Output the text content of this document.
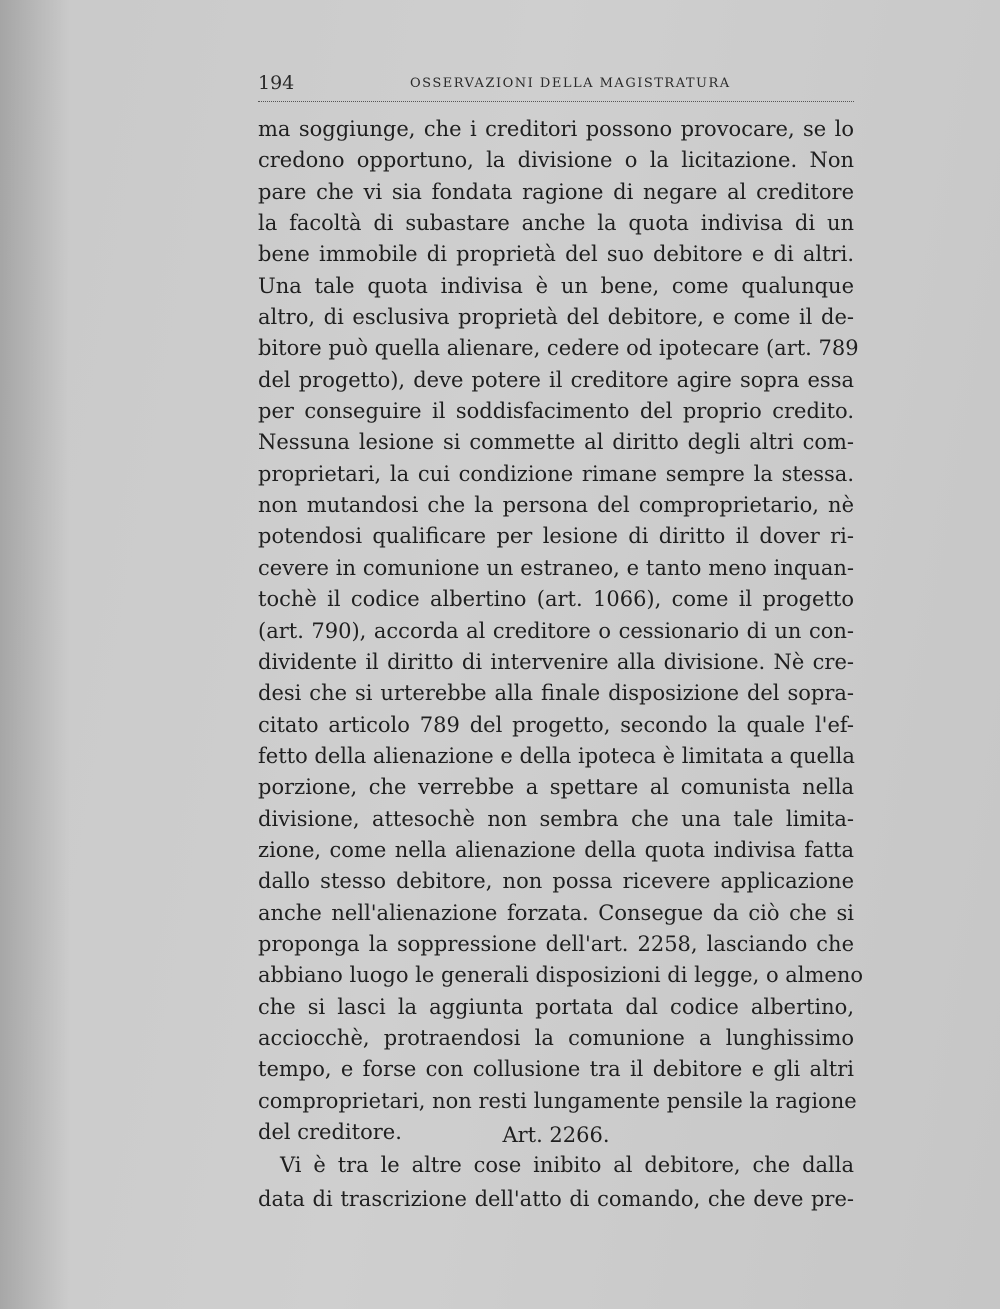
194	OSSERVAZIONI DELLA MAGISTRATURA
ma soggiunge, che i creditori possono provocare, se lo
credono opportuno, la divisione o la licitazione. Non
pare che vi sia fondata ragione di negare al creditore
la facoltà di subastare anche la quota indivisa di un
bene immobile di proprietà del suo debitore e di altri.
Una tale quota indivisa è un bene, come qualunque
altro, di esclusiva proprietà del debitore, e come il de-
bitore può quella alienare, cedere od ipotecare (art. 789
del progetto), deve potere il creditore agire sopra essa
per conseguire il soddisfacimento del proprio credito.
Nessuna lesione si commette al diritto degli altri com-
proprietari, la cui condizione rimane sempre la stessa.
non mutandosi che la persona del comproprietario, nè
potendosi qualificare per lesione di diritto il dover ri-
cevere in comunione un estraneo, e tanto meno inquan-
tochè il codice albertino (art. 1066), come il progetto
(art. 790), accorda al creditore o cessionario di un con-
dividente il diritto di intervenire alla divisione. Nè cre-
desi che si urterebbe alla finale disposizione del sopra-
citato articolo 789 del progetto, secondo la quale l'ef-
fetto della alienazione e della ipoteca è limitata a quella
porzione, che verrebbe a spettare al comunista nella
divisione, attesochè non sembra che una tale limita-
zione, come nella alienazione della quota indivisa fatta
dallo stesso debitore, non possa ricevere applicazione
anche nell'alienazione forzata. Consegue da ciò che si
proponga la soppressione dell'art. 2258, lasciando che
abbiano luogo le generali disposizioni di legge, o almeno
che si lasci la aggiunta portata dal codice albertino,
acciocchè, protraendosi la comunione a lunghissimo
tempo, e forse con collusione tra il debitore e gli altri
comproprietari, non resti lungamente pensile la ragione
del creditore.	Art. 2266.
Vi è tra le altre cose inibito al debitore, che dalla
data di trascrizione dell'atto di comando, che deve pre-
